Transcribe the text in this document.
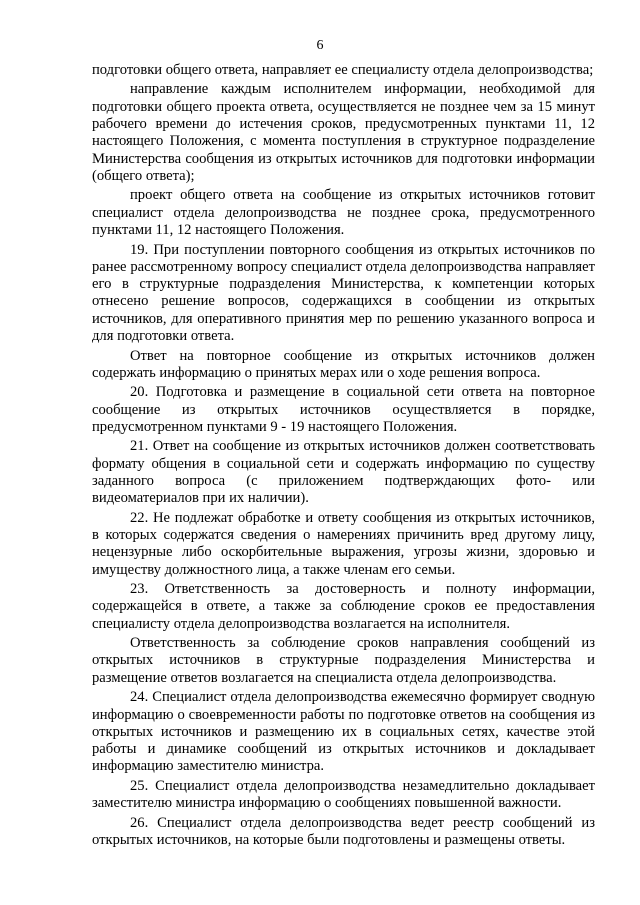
6

подготовки общего ответа, направляет ее специалисту отдела делопроизводства;

направление каждым исполнителем информации, необходимой для подготовки общего проекта ответа, осуществляется не позднее чем за 15 минут рабочего времени до истечения сроков, предусмотренных пунктами 11, 12 настоящего Положения, с момента поступления в структурное подразделение Министерства сообщения из открытых источников для подготовки информации (общего ответа);

проект общего ответа на сообщение из открытых источников готовит специалист отдела делопроизводства не позднее срока, предусмотренного пунктами 11, 12 настоящего Положения.

19. При поступлении повторного сообщения из открытых источников по ранее рассмотренному вопросу специалист отдела делопроизводства направляет его в структурные подразделения Министерства, к компетенции которых отнесено решение вопросов, содержащихся в сообщении из открытых источников, для оперативного принятия мер по решению указанного вопроса и для подготовки ответа.

Ответ на повторное сообщение из открытых источников должен содержать информацию о принятых мерах или о ходе решения вопроса.

20. Подготовка и размещение в социальной сети ответа на повторное сообщение из открытых источников осуществляется в порядке, предусмотренном пунктами 9 - 19 настоящего Положения.

21. Ответ на сообщение из открытых источников должен соответствовать формату общения в социальной сети и содержать информацию по существу заданного вопроса (с приложением подтверждающих фото- или видеоматериалов при их наличии).

22. Не подлежат обработке и ответу сообщения из открытых источников, в которых содержатся сведения о намерениях причинить вред другому лицу, нецензурные либо оскорбительные выражения, угрозы жизни, здоровью и имуществу должностного лица, а также членам его семьи.

23. Ответственность за достоверность и полноту информации, содержащейся в ответе, а также за соблюдение сроков ее предоставления специалисту отдела делопроизводства возлагается на исполнителя.

Ответственность за соблюдение сроков направления сообщений из открытых источников в структурные подразделения Министерства и размещение ответов возлагается на специалиста отдела делопроизводства.

24. Специалист отдела делопроизводства ежемесячно формирует сводную информацию о своевременности работы по подготовке ответов на сообщения из открытых источников и размещению их в социальных сетях, качестве этой работы и динамике сообщений из открытых источников и докладывает информацию заместителю министра.

25. Специалист отдела делопроизводства незамедлительно докладывает заместителю министра информацию о сообщениях повышенной важности.

26. Специалист отдела делопроизводства ведет реестр сообщений из открытых источников, на которые были подготовлены и размещены ответы.
